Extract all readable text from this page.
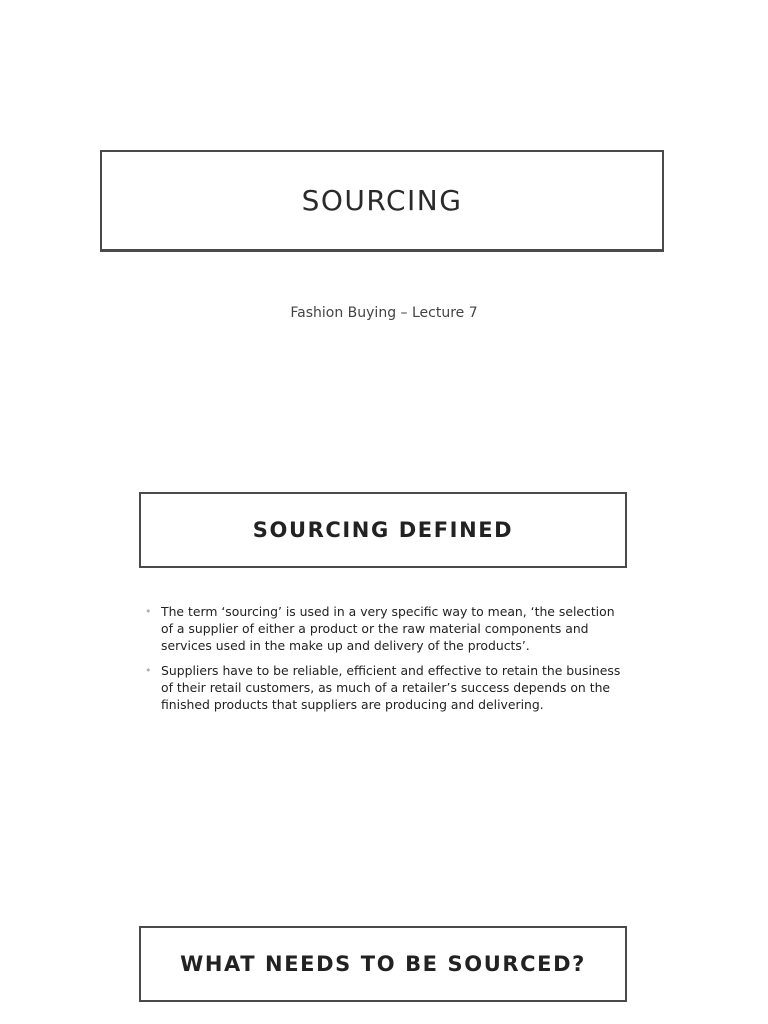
SOURCING
Fashion Buying – Lecture 7
SOURCING DEFINED
• The term ‘sourcing’ is used in a very specific way to mean, ‘the selection of a supplier of either a product or the raw material components and services used in the make up and delivery of the products’.
• Suppliers have to be reliable, efficient and effective to retain the business of their retail customers, as much of a retailer’s success depends on the finished products that suppliers are producing and delivering.
WHAT NEEDS TO BE SOURCED?
